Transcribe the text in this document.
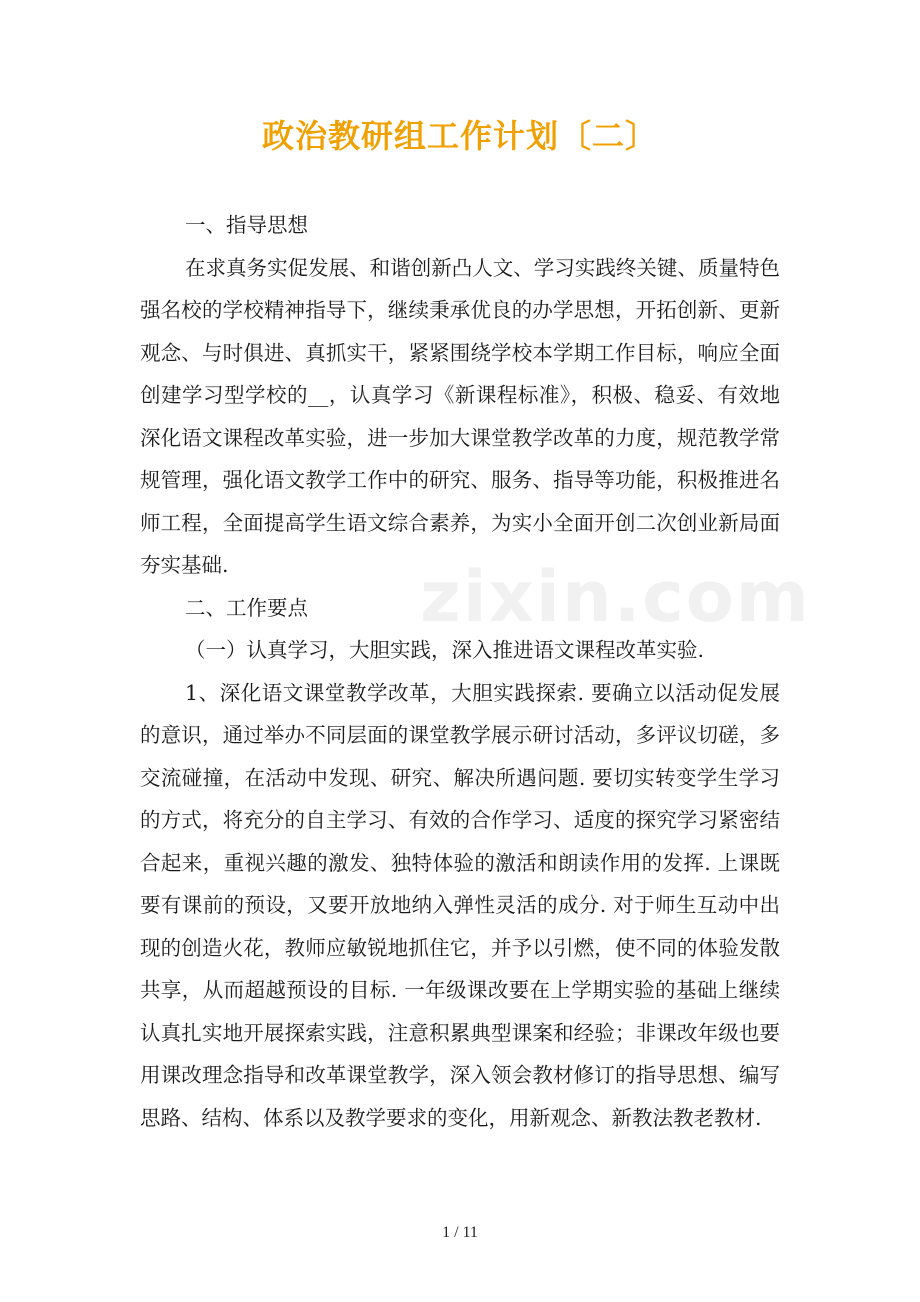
zixin.com
政治教研组工作计划〔二〕

一、指导思想

在求真务实促发展、和谐创新凸人文、学习实践终关键、质量特色强名校的学校精神指导下，继续秉承优良的办学思想，开拓创新、更新观念、与时俱进、真抓实干，紧紧围绕学校本学期工作目标，响应全面创建学习型学校的__，认真学习《新课程标准》，积极、稳妥、有效地深化语文课程改革实验，进一步加大课堂教学改革的力度，规范教学常规管理，强化语文教学工作中的研究、服务、指导等功能，积极推进名师工程，全面提高学生语文综合素养，为实小全面开创二次创业新局面夯实基础.

二、工作要点

（一）认真学习，大胆实践，深入推进语文课程改革实验.

1、深化语文课堂教学改革，大胆实践探索. 要确立以活动促发展的意识，通过举办不同层面的课堂教学展示研讨活动，多评议切磋，多交流碰撞，在活动中发现、研究、解决所遇问题. 要切实转变学生学习的方式，将充分的自主学习、有效的合作学习、适度的探究学习紧密结合起来，重视兴趣的激发、独特体验的激活和朗读作用的发挥. 上课既要有课前的预设，又要开放地纳入弹性灵活的成分. 对于师生互动中出现的创造火花，教师应敏锐地抓住它，并予以引燃，使不同的体验发散共享，从而超越预设的目标. 一年级课改要在上学期实验的基础上继续认真扎实地开展探索实践，注意积累典型课案和经验；非课改年级也要用课改理念指导和改革课堂教学，深入领会教材修订的指导思想、编写思路、结构、体系以及教学要求的变化，用新观念、新教法教老教材.

1 / 11
